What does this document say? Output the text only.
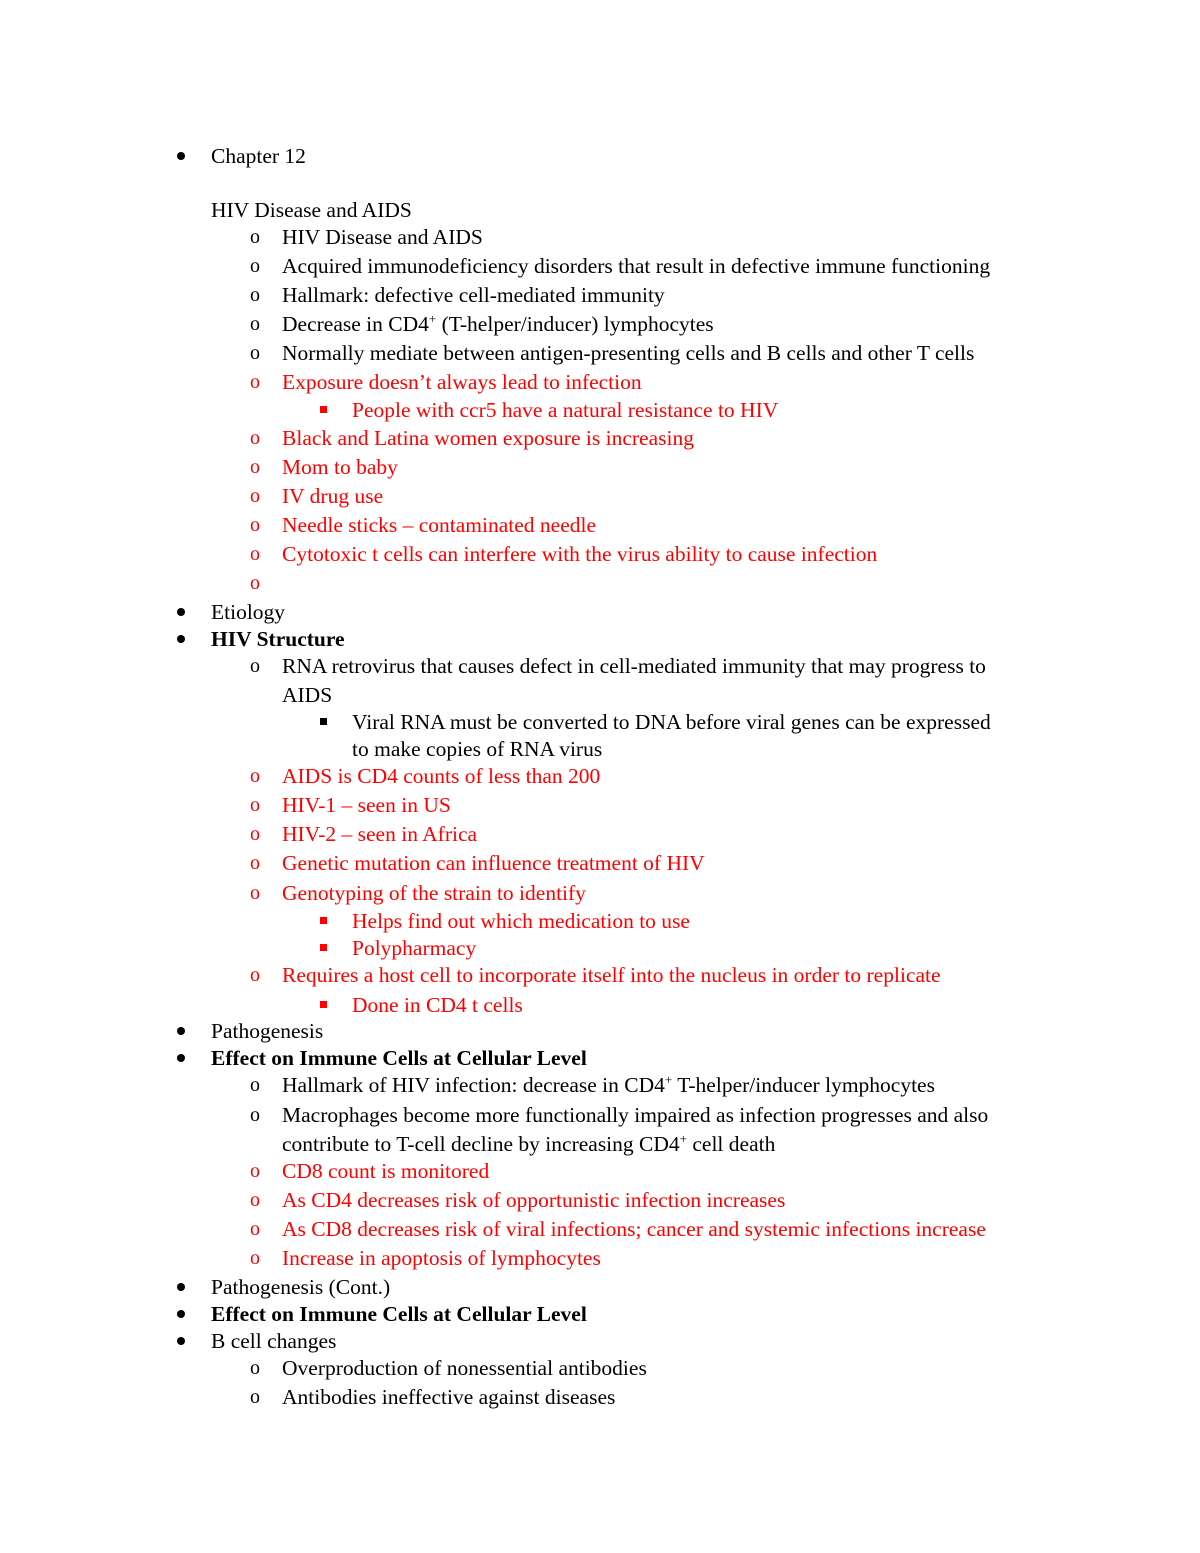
Chapter 12
HIV Disease and AIDS
o	HIV Disease and AIDS
o	Acquired immunodeficiency disorders that result in defective immune functioning
o	Hallmark: defective cell-mediated immunity
o	Decrease in CD4+ (T-helper/inducer) lymphocytes
o	Normally mediate between antigen-presenting cells and B cells and other T cells
o	Exposure doesn’t always lead to infection
People with ccr5 have a natural resistance to HIV
o	Black and Latina women exposure is increasing
o	Mom to baby
o	IV drug use
o	Needle sticks – contaminated needle
o	Cytotoxic t cells can interfere with the virus ability to cause infection
o
Etiology
HIV Structure
o	RNA retrovirus that causes defect in cell-mediated immunity that may progress to
AIDS
Viral RNA must be converted to DNA before viral genes can be expressed
to make copies of RNA virus
o	AIDS is CD4 counts of less than 200
o	HIV-1 – seen in US
o	HIV-2 – seen in Africa
o	Genetic mutation can influence treatment of HIV
o	Genotyping of the strain to identify
Helps find out which medication to use
Polypharmacy
o	Requires a host cell to incorporate itself into the nucleus in order to replicate
Done in CD4 t cells
Pathogenesis
Effect on Immune Cells at Cellular Level
o	Hallmark of HIV infection: decrease in CD4+ T-helper/inducer lymphocytes
o	Macrophages become more functionally impaired as infection progresses and also
contribute to T-cell decline by increasing CD4+ cell death
o	CD8 count is monitored
o	As CD4 decreases risk of opportunistic infection increases
o	As CD8 decreases risk of viral infections; cancer and systemic infections increase
o	Increase in apoptosis of lymphocytes
Pathogenesis (Cont.)
Effect on Immune Cells at Cellular Level
B cell changes
o	Overproduction of nonessential antibodies
o	Antibodies ineffective against diseases
